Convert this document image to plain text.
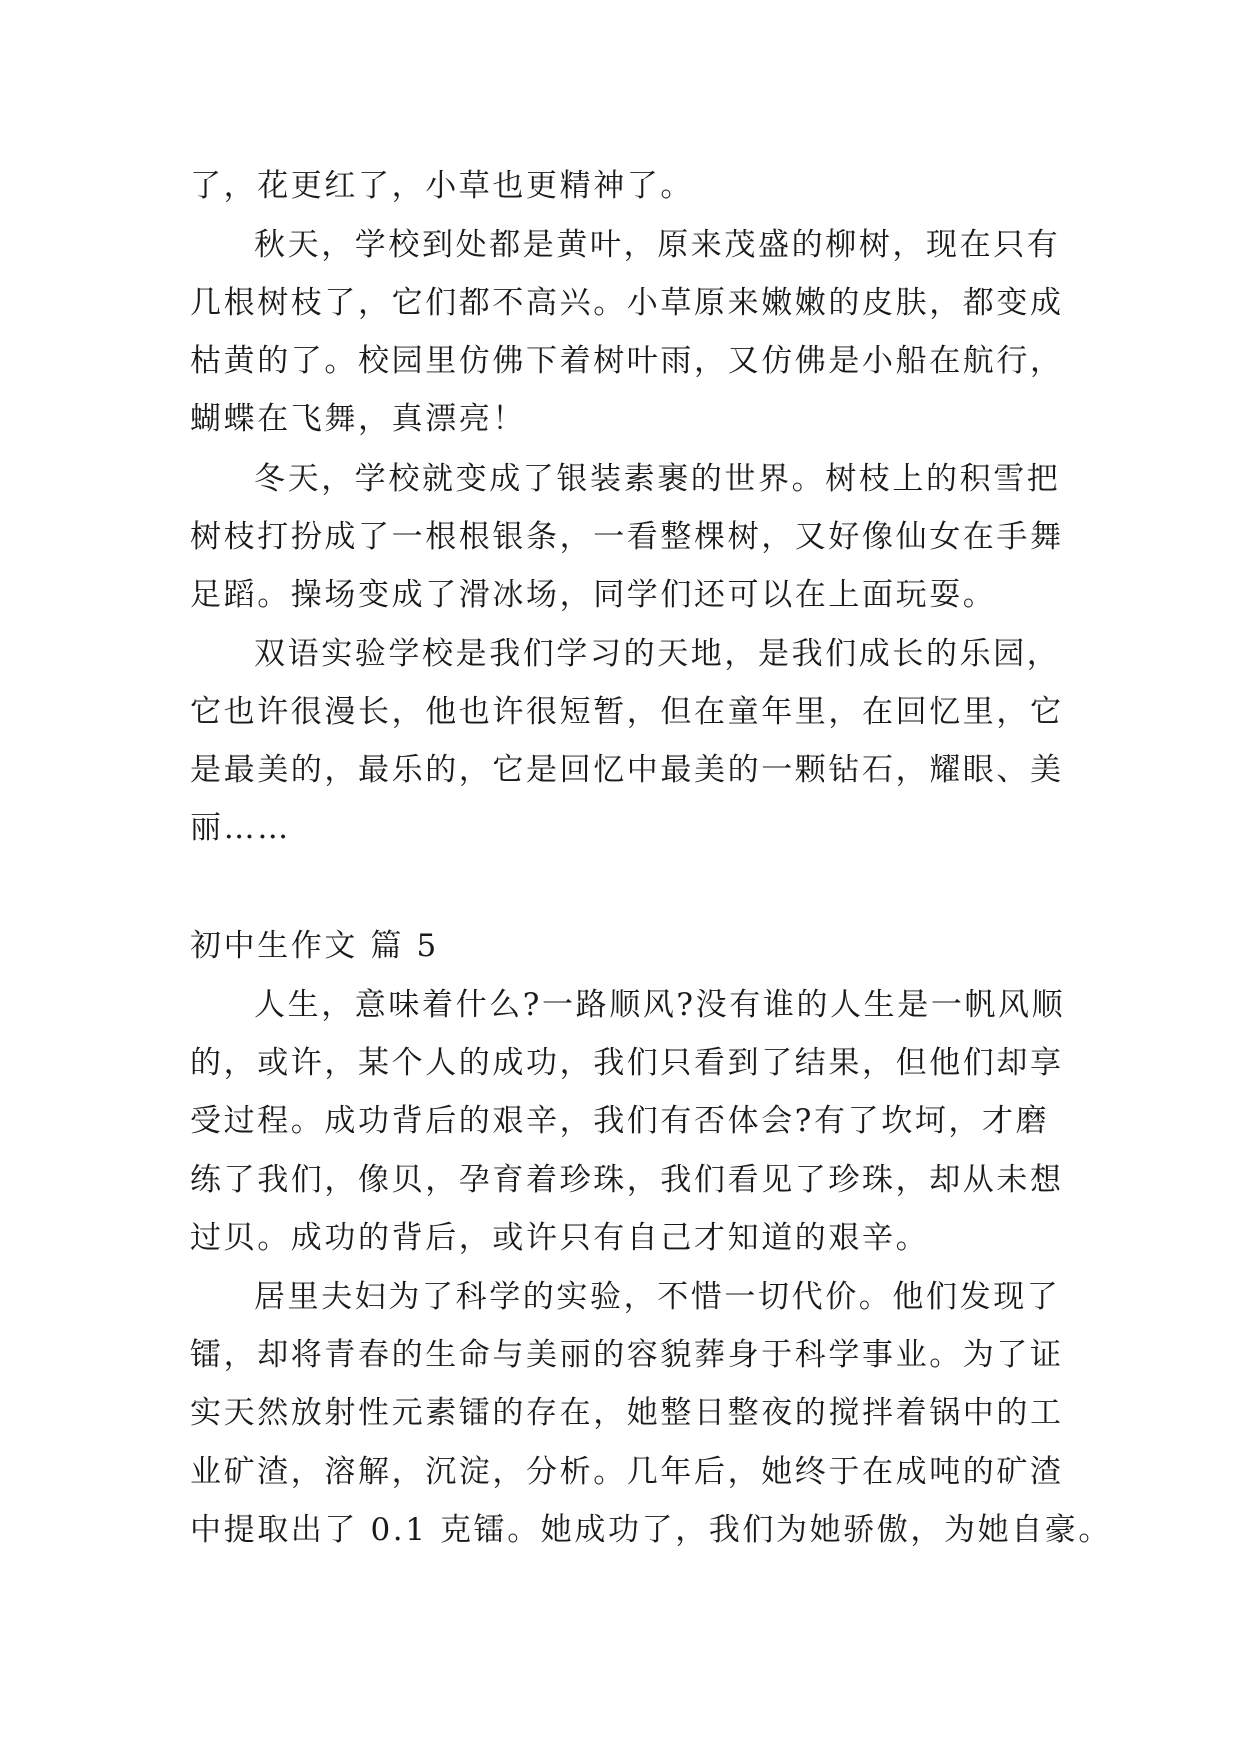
了，花更红了，小草也更精神了。
秋天，学校到处都是黄叶，原来茂盛的柳树，现在只有
几根树枝了，它们都不高兴。小草原来嫩嫩的皮肤，都变成
枯黄的了。校园里仿佛下着树叶雨，又仿佛是小船在航行，
蝴蝶在飞舞，真漂亮！
冬天，学校就变成了银装素裹的世界。树枝上的积雪把
树枝打扮成了一根根银条，一看整棵树，又好像仙女在手舞
足蹈。操场变成了滑冰场，同学们还可以在上面玩耍。
双语实验学校是我们学习的天地，是我们成长的乐园，
它也许很漫长，他也许很短暂，但在童年里，在回忆里，它
是最美的，最乐的，它是回忆中最美的一颗钻石，耀眼、美
丽……
初中生作文 篇 5
人生，意味着什么?一路顺风?没有谁的人生是一帆风顺
的，或许，某个人的成功，我们只看到了结果，但他们却享
受过程。成功背后的艰辛，我们有否体会?有了坎坷，才磨
练了我们，像贝，孕育着珍珠，我们看见了珍珠，却从未想
过贝。成功的背后，或许只有自己才知道的艰辛。
居里夫妇为了科学的实验，不惜一切代价。他们发现了
镭，却将青春的生命与美丽的容貌葬身于科学事业。为了证
实天然放射性元素镭的存在，她整日整夜的搅拌着锅中的工
业矿渣，溶解，沉淀，分析。几年后，她终于在成吨的矿渣
中提取出了 0.1 克镭。她成功了，我们为她骄傲，为她自豪。
